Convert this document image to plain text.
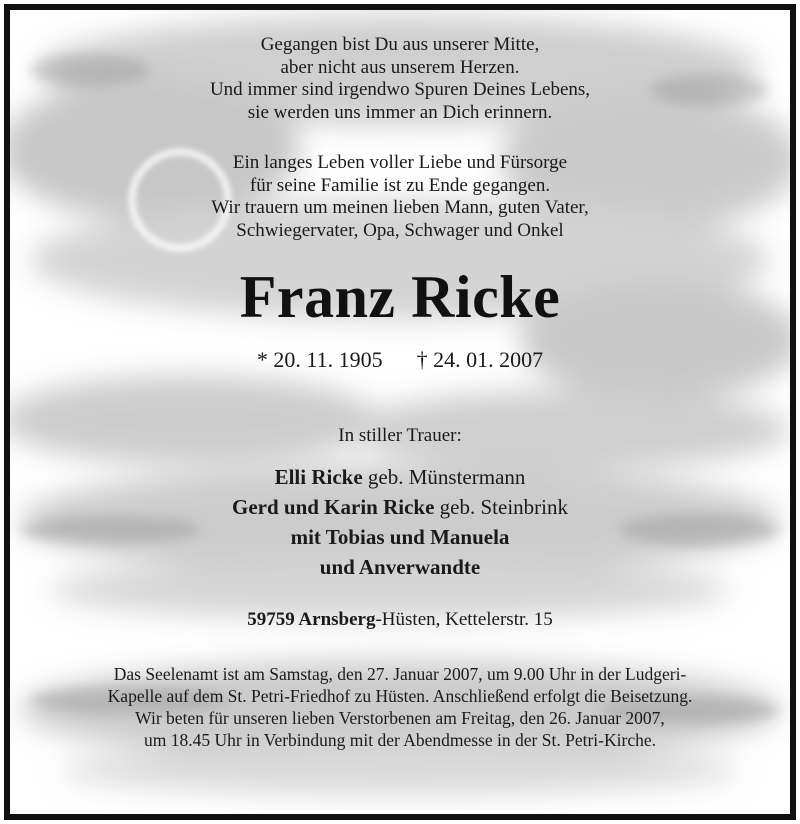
Gegangen bist Du aus unserer Mitte,
aber nicht aus unserem Herzen.
Und immer sind irgendwo Spuren Deines Lebens,
sie werden uns immer an Dich erinnern.
Ein langes Leben voller Liebe und Fürsorge
für seine Familie ist zu Ende gegangen.
Wir trauern um meinen lieben Mann, guten Vater,
Schwiegervater, Opa, Schwager und Onkel
Franz Ricke
* 20. 11. 1905 † 24. 01. 2007
In stiller Trauer:
Elli Ricke geb. Münstermann
Gerd und Karin Ricke geb. Steinbrink
mit Tobias und Manuela
und Anverwandte
59759 Arnsberg-Hüsten, Kettelerstr. 15
Das Seelenamt ist am Samstag, den 27. Januar 2007, um 9.00 Uhr in der Ludgeri-
Kapelle auf dem St. Petri-Friedhof zu Hüsten. Anschließend erfolgt die Beisetzung.
Wir beten für unseren lieben Verstorbenen am Freitag, den 26. Januar 2007,
um 18.45 Uhr in Verbindung mit der Abendmesse in der St. Petri-Kirche.
